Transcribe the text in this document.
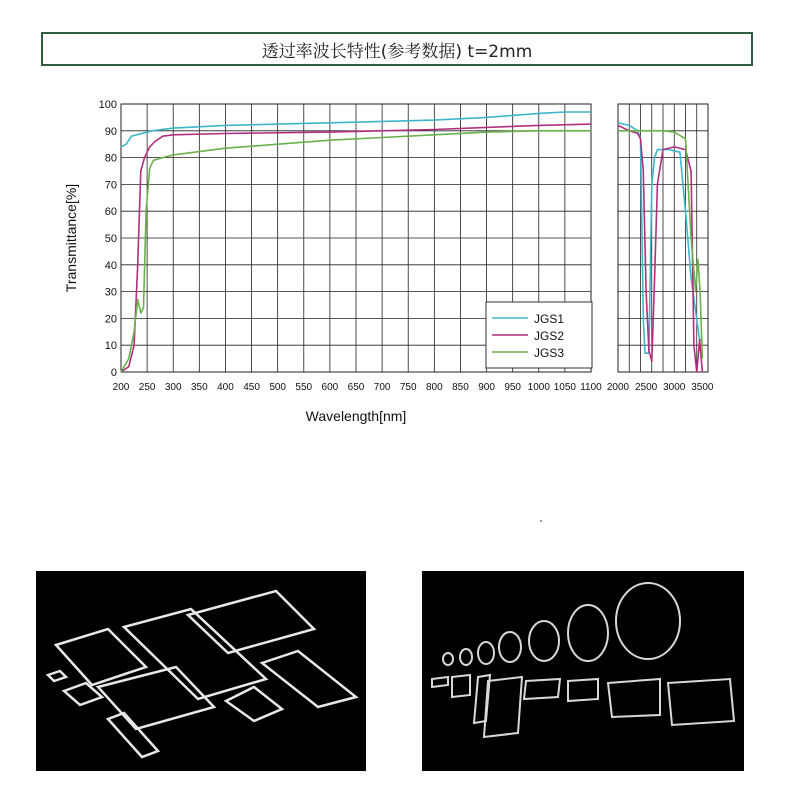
透过率波长特性(参考数据) t=2mm
200 250 300 350 400 450 500 550 600 650 700 750 800 850 900 950 1000 1050 1100 2000 2500 3000 3500
0
10
20
30
40
50
60
70
80
90
100
Transmittance[%]
Wavelength[nm]
JGS1
JGS2
JGS3
